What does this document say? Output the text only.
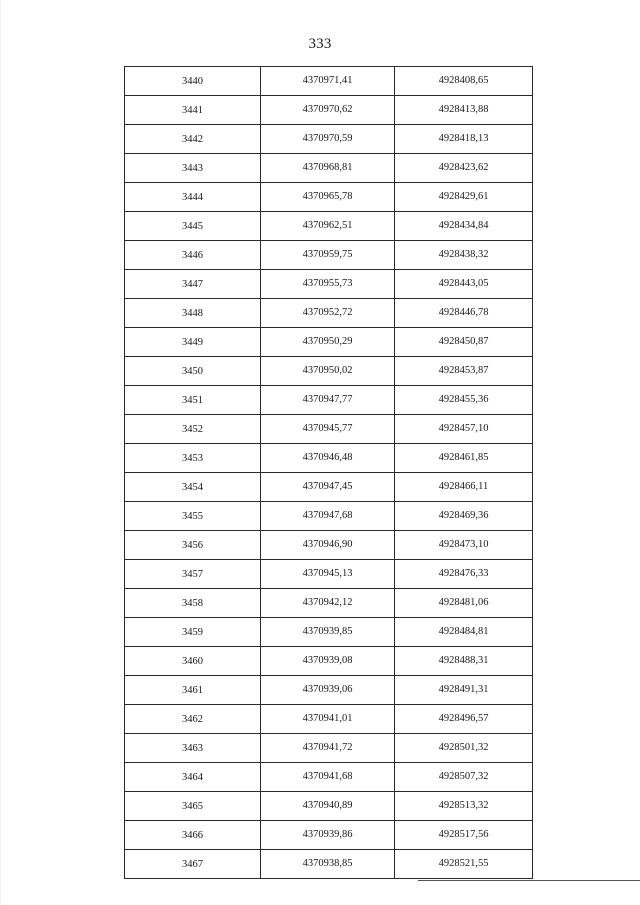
333
3440	4370971,41	4928408,65
3441	4370970,62	4928413,88
3442	4370970,59	4928418,13
3443	4370968,81	4928423,62
3444	4370965,78	4928429,61
3445	4370962,51	4928434,84
3446	4370959,75	4928438,32
3447	4370955,73	4928443,05
3448	4370952,72	4928446,78
3449	4370950,29	4928450,87
3450	4370950,02	4928453,87
3451	4370947,77	4928455,36
3452	4370945,77	4928457,10
3453	4370946,48	4928461,85
3454	4370947,45	4928466,11
3455	4370947,68	4928469,36
3456	4370946,90	4928473,10
3457	4370945,13	4928476,33
3458	4370942,12	4928481,06
3459	4370939,85	4928484,81
3460	4370939,08	4928488,31
3461	4370939,06	4928491,31
3462	4370941,01	4928496,57
3463	4370941,72	4928501,32
3464	4370941,68	4928507,32
3465	4370940,89	4928513,32
3466	4370939,86	4928517,56
3467	4370938,85	4928521,55
